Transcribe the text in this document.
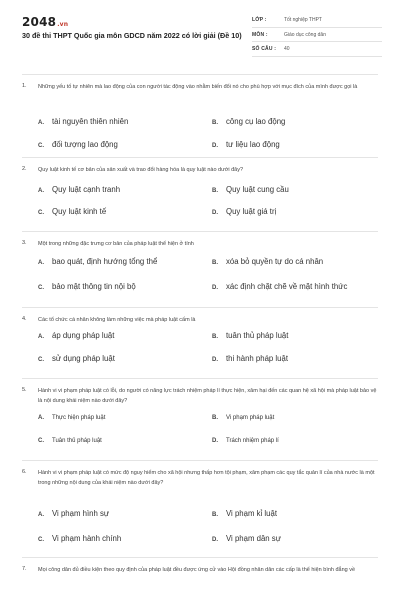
2048.vn
30 đề thi THPT Quốc gia môn GDCD năm 2022 có lời giải (Đề 10)
LỚP :	Tốt nghiệp THPT
MÔN :	Giáo dục công dân
SỐ CÂU : 40
1. Những yếu tố tự nhiên mà lao động của con người tác động vào nhằm biến đổi nó cho phù hợp với mục đích của mình được gọi là
A. tài nguyên thiên nhiên	B. công cụ lao động
C. đối tượng lao động	D. tư liệu lao động
2. Quy luật kinh tế cơ bản của sản xuất và trao đổi hàng hóa là quy luật nào dưới đây?
A. Quy luật cạnh tranh	B. Quy luật cung cầu
C. Quy luật kinh tế	D. Quy luật giá trị
3. Một trong những đặc trưng cơ bản của pháp luật thể hiện ở tính
A. bao quát, định hướng tổng thể	B. xóa bỏ quyền tự do cá nhân
C. bảo mật thông tin nội bộ	D. xác định chặt chẽ về mặt hình thức
4. Các tổ chức cá nhân không làm những việc mà pháp luật cấm là
A. áp dụng pháp luật	B. tuân thủ pháp luật
C. sử dụng pháp luật	D. thi hành pháp luật
5. Hành vi vi phạm pháp luật có lỗi, do người có năng lực trách nhiệm pháp lí thực hiện, xâm hại đến các quan hệ xã hội mà pháp luật bảo vệ là nội dung khái niệm nào dưới đây?
A. Thực hiện pháp luật	B. Vi phạm pháp luật
C. Tuân thủ pháp luật	D. Trách nhiệm pháp lí
6. Hành vi vi phạm pháp luật có mức độ nguy hiểm cho xã hội nhưng thấp hơn tội phạm, xâm phạm các quy tắc quản lí của nhà nước là một trong những nội dung của khái niệm nào dưới đây?
A. Vi phạm hình sự	B. Vi phạm kỉ luật
C. Vi phạm hành chính	D. Vi phạm dân sự
7. Mọi công dân đủ điều kiện theo quy định của pháp luật đều được ứng cử vào Hội đồng nhân dân các cấp là thể hiện bình đẳng về
